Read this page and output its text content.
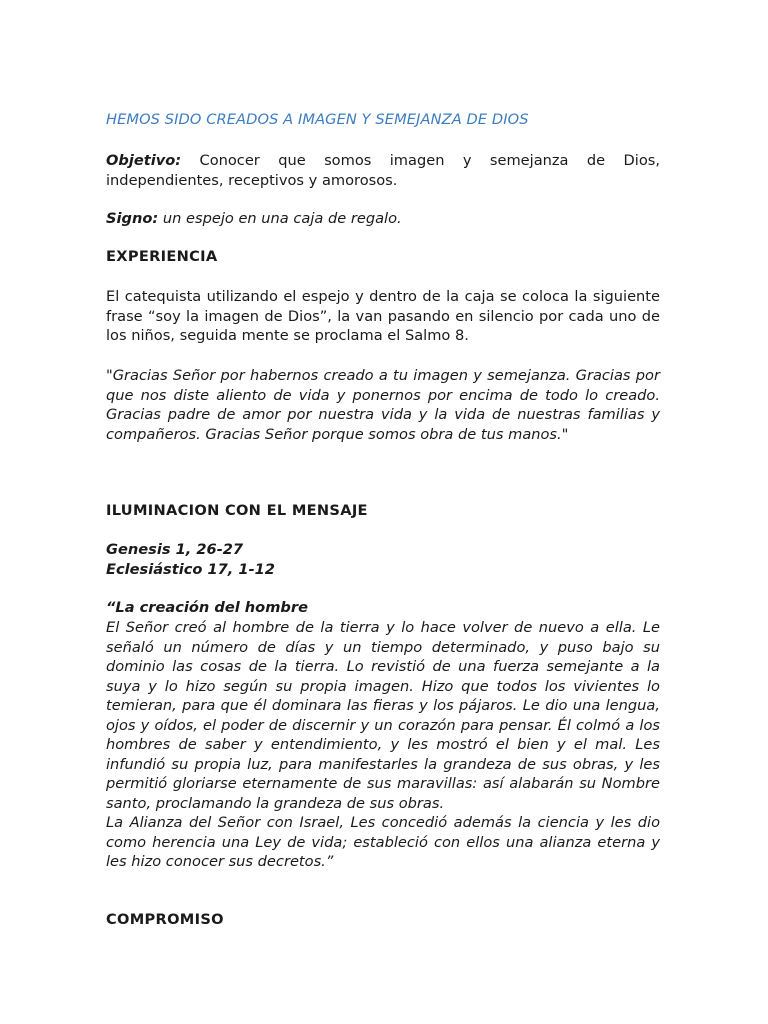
HEMOS SIDO CREADOS A IMAGEN Y SEMEJANZA DE DIOS

Objetivo: Conocer que somos imagen y semejanza de Dios, independientes, receptivos y amorosos.

Signo: un espejo en una caja de regalo.

EXPERIENCIA

El catequista utilizando el espejo y dentro de la caja se coloca la siguiente frase “soy la imagen de Dios”, la van pasando en silencio por cada uno de los niños, seguida mente se proclama el Salmo 8.

"Gracias Señor por habernos creado a tu imagen y semejanza. Gracias por que nos diste aliento de vida y ponernos por encima de todo lo creado. Gracias padre de amor por nuestra vida y la vida de nuestras familias y compañeros. Gracias Señor porque somos obra de tus manos."

ILUMINACION CON EL MENSAJE

Genesis 1, 26-27

Eclesiástico 17, 1-12

“La creación del hombre

El Señor creó al hombre de la tierra y lo hace volver de nuevo a ella. Le señaló un número de días y un tiempo determinado, y puso bajo su dominio las cosas de la tierra. Lo revistió de una fuerza semejante a la suya y lo hizo según su propia imagen. Hizo que todos los vivientes lo temieran, para que él dominara las fieras y los pájaros. Le dio una lengua, ojos y oídos, el poder de discernir y un corazón para pensar. Él colmó a los hombres de saber y entendimiento, y les mostró el bien y el mal. Les infundió su propia luz, para manifestarles la grandeza de sus obras, y les permitió gloriarse eternamente de sus maravillas: así alabarán su Nombre santo, proclamando la grandeza de sus obras.

La Alianza del Señor con Israel, Les concedió además la ciencia y les dio como herencia una Ley de vida; estableció con ellos una alianza eterna y les hizo conocer sus decretos.”

COMPROMISO
